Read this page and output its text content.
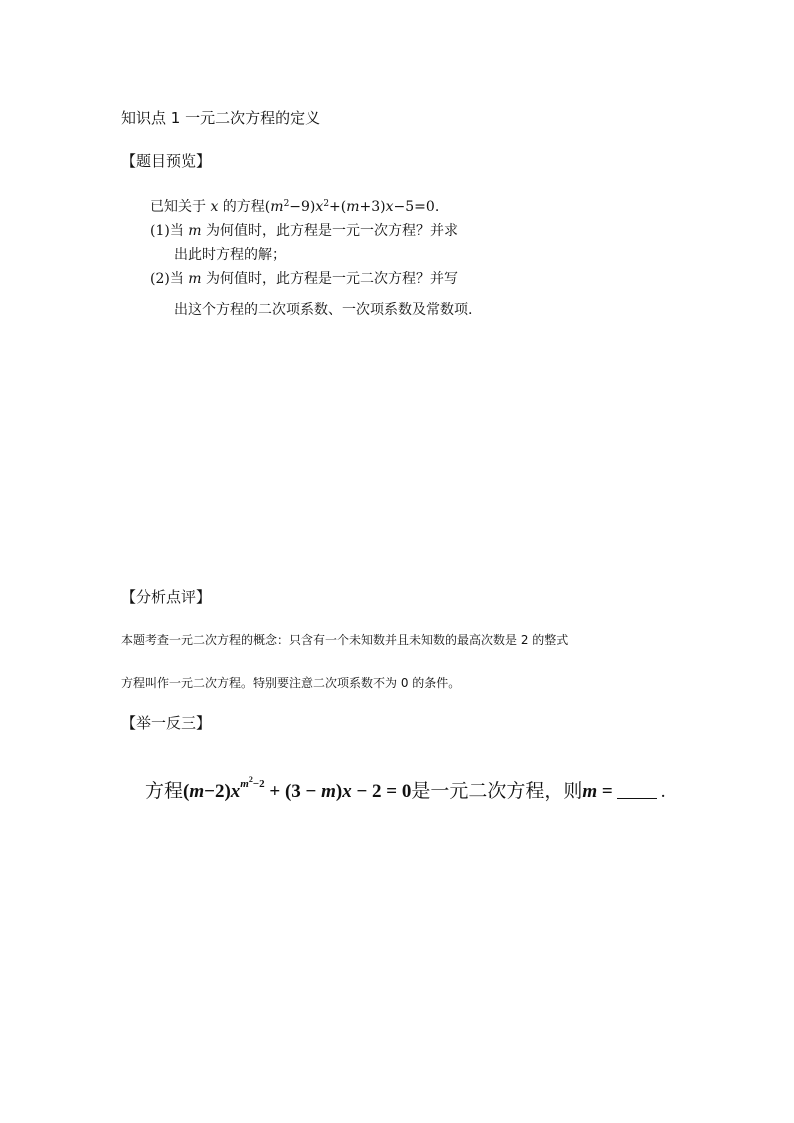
知识点 1 一元二次方程的定义
【题目预览】
已知关于 x 的方程$(m^2-9)x^2+(m+3)x-5=0$.
(1)当 m 为何值时，此方程是一元一次方程？并求
出此时方程的解；
(2)当 m 为何值时，此方程是一元二次方程？并写
出这个方程的二次项系数、一次项系数及常数项.
【分析点评】
本题考查一元二次方程的概念：只含有一个未知数并且未知数的最高次数是 2 的整式
方程叫作一元二次方程。特别要注意二次项系数不为 0 的条件。
【举一反三】
方程$(m-2)x^{m^2-2} + (3 - m)x - 2 = 0$是一元二次方程，则m =	.
